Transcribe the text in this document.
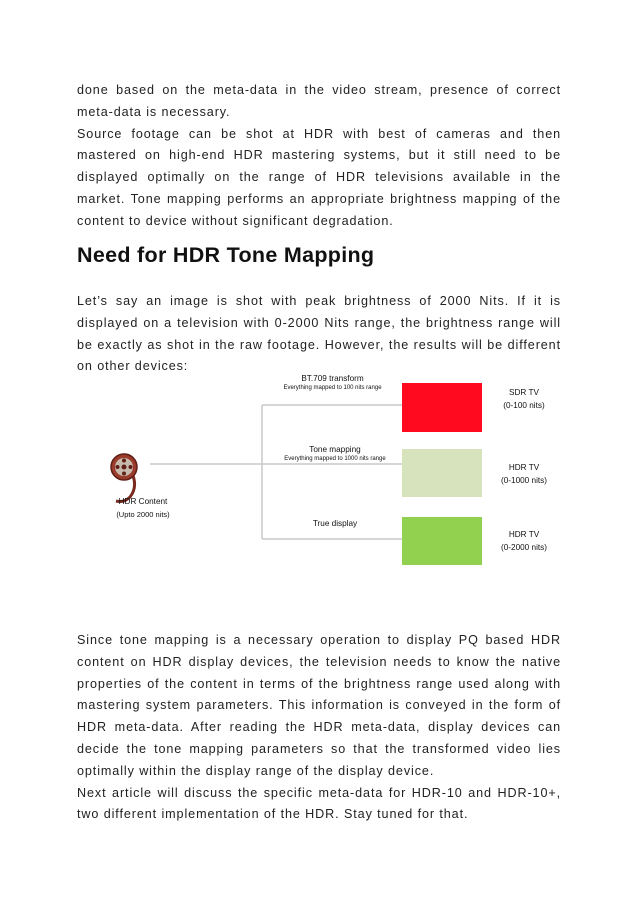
done based on the meta-data in the video stream, presence of correct meta-data is necessary.

Source footage can be shot at HDR with best of cameras and then mastered on high-end HDR mastering systems, but it still need to be displayed optimally on the range of HDR televisions available in the market. Tone mapping performs an appropriate brightness mapping of the content to device without significant degradation.

Need for HDR Tone Mapping

Let’s say an image is shot with peak brightness of 2000 Nits. If it is displayed on a television with 0-2000 Nits range, the brightness range will be exactly as shot in the raw footage. However, the results will be different on other devices:

HDR Content
(Upto 2000 nits)
BT.709 transform
Everything mapped to 100 nits range	SDR TV
(0-100 nits)
Tone mapping
Everything mapped to 1000 nits range
HDR TV
(0-1000 nits)
True display
HDR TV
(0-2000 nits)

Since tone mapping is a necessary operation to display PQ based HDR content on HDR display devices, the television needs to know the native properties of the content in terms of the brightness range used along with mastering system parameters. This information is conveyed in the form of HDR meta-data. After reading the HDR meta-data, display devices can decide the tone mapping parameters so that the transformed video lies optimally within the display range of the display device.

Next article will discuss the specific meta-data for HDR-10 and HDR-10+, two different implementation of the HDR. Stay tuned for that.
